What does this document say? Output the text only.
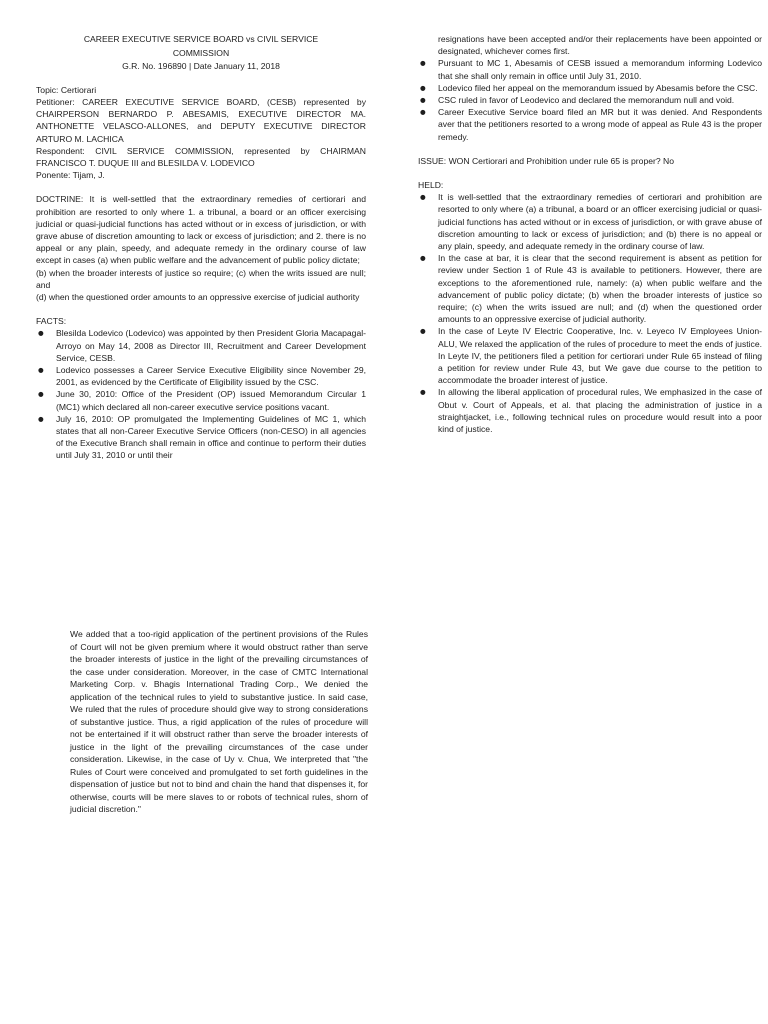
CAREER EXECUTIVE SERVICE BOARD vs CIVIL SERVICE

COMMISSION

G.R. No. 196890 | Date January 11, 2018

Topic: Certiorari

Petitioner: CAREER EXECUTIVE SERVICE BOARD, (CESB) represented by CHAIRPERSON BERNARDO P. ABESAMIS, EXECUTIVE DIRECTOR MA. ANTHONETTE VELASCO-ALLONES, and DEPUTY EXECUTIVE DIRECTOR ARTURO M. LACHICA

Respondent: CIVIL SERVICE COMMISSION, represented by CHAIRMAN FRANCISCO T. DUQUE III and BLESILDA V. LODEVICO

Ponente: Tijam, J.

DOCTRINE: It is well-settled that the extraordinary remedies of certiorari and prohibition are resorted to only where 1. a tribunal, a board or an officer exercising judicial or quasi-judicial functions has acted without or in excess of jurisdiction, or with grave abuse of discretion amounting to lack or excess of jurisdiction; and 2. there is no appeal or any plain, speedy, and adequate remedy in the ordinary course of law except in cases (a) when public welfare and the advancement of public policy dictate;

(b) when the broader interests of justice so require; (c) when the writs issued are null; and

(d) when the questioned order amounts to an oppressive exercise of judicial authority

FACTS:

● Blesilda Lodevico (Lodevico) was appointed by then President Gloria Macapagal-Arroyo on May 14, 2008 as Director III, Recruitment and Career Development Service, CESB.
● Lodevico possesses a Career Service Executive Eligibility since November 29, 2001, as evidenced by the Certificate of Eligibility issued by the CSC.
● June 30, 2010: Office of the President (OP) issued Memorandum Circular 1 (MC1) which declared all non-career executive service positions vacant.
● July 16, 2010: OP promulgated the Implementing Guidelines of MC 1, which states that all non-Career Executive Service Officers (non-CESO) in all agencies of the Executive Branch shall remain in office and continue to perform their duties until July 31, 2010 or until their

resignations have been accepted and/or their replacements have been appointed or designated, whichever comes first.

● Pursuant to MC 1, Abesamis of CESB issued a memorandum informing Lodevico that she shall only remain in office until July 31, 2010.
● Lodevico filed her appeal on the memorandum issued by Abesamis before the CSC.
● CSC ruled in favor of Leodevico and declared the memorandum null and void.
● Career Executive Service board filed an MR but it was denied. And Respondents aver that the petitioners resorted to a wrong mode of appeal as Rule 43 is the proper remedy.

ISSUE: WON Certiorari and Prohibition under rule 65 is proper? No

HELD:

● It is well-settled that the extraordinary remedies of certiorari and prohibition are resorted to only where (a) a tribunal, a board or an officer exercising judicial or quasi-judicial functions has acted without or in excess of jurisdiction, or with grave abuse of discretion amounting to lack or excess of jurisdiction; and (b) there is no appeal or any plain, speedy, and adequate remedy in the ordinary course of law.
● In the case at bar, it is clear that the second requirement is absent as petition for review under Section 1 of Rule 43 is available to petitioners. However, there are exceptions to the aforementioned rule, namely: (a) when public welfare and the advancement of public policy dictate; (b) when the broader interests of justice so require; (c) when the writs issued are null; and (d) when the questioned order amounts to an oppressive exercise of judicial authority.
● In the case of Leyte IV Electric Cooperative, Inc. v. Leyeco IV Employees Union-ALU, We relaxed the application of the rules of procedure to meet the ends of justice. In Leyte IV, the petitioners filed a petition for certiorari under Rule 65 instead of filing a petition for review under Rule 43, but We gave due course to the petition to accommodate the broader interest of justice.
● In allowing the liberal application of procedural rules, We emphasized in the case of Obut v. Court of Appeals, et al. that placing the administration of justice in a straightjacket, i.e., following technical rules on procedure would result into a poor kind of justice.

We added that a too-rigid application of the pertinent provisions of the Rules of Court will not be given premium where it would obstruct rather than serve the broader interests of justice in the light of the prevailing circumstances of the case under consideration. Moreover, in the case of CMTC International Marketing Corp. v. Bhagis International Trading Corp., We denied the application of the technical rules to yield to substantive justice. In said case, We ruled that the rules of procedure should give way to strong considerations of substantive justice. Thus, a rigid application of the rules of procedure will not be entertained if it will obstruct rather than serve the broader interests of justice in the light of the prevailing circumstances of the case under consideration. Likewise, in the case of Uy v. Chua, We interpreted that "the Rules of Court were conceived and promulgated to set forth guidelines in the dispensation of justice but not to bind and chain the hand that dispenses it, for otherwise, courts will be mere slaves to or robots of technical rules, shorn of judicial discretion."
